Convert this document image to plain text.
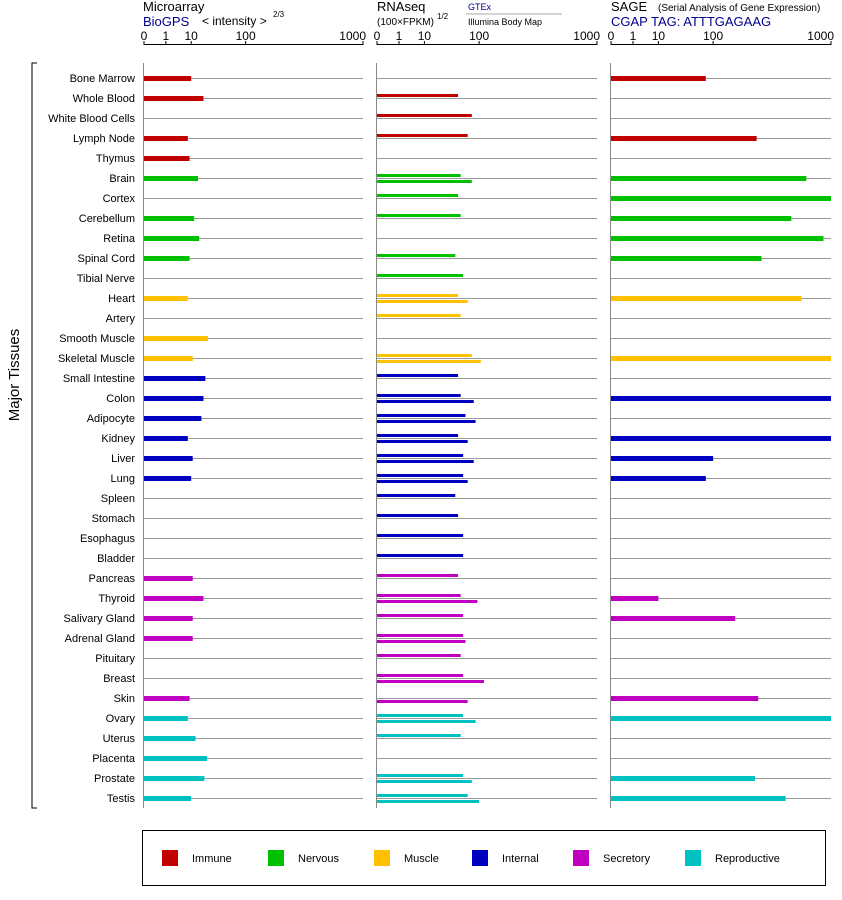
Microarray
BioGPS < intensity > 2/3
RNAseq
(100×FPKM)
1/2
GTEx
Illumina Body Map
SAGE (Serial Analysis of Gene Expression)
CGAP TAG: ATTTGAGAAG
Major Tissues
0 1 10	100	1000 0 1 10	100	1000 0 1 10	100	1000
Bone Marrow
Whole Blood
White Blood Cells
Lymph Node
Thymus
Brain
Cortex
Cerebellum
Retina
Spinal Cord
Tibial Nerve
Heart
Artery
Smooth Muscle
Skeletal Muscle
Small Intestine
Colon
Adipocyte
Kidney
Liver
Lung
Spleen
Stomach
Esophagus
Bladder
Pancreas
Thyroid
Salivary Gland
Adrenal Gland
Pituitary
Breast
Skin
Ovary
Uterus
Placenta
Prostate
Testis
Immune	Nervous	Muscle	Internal	Secretory	Reproductive
